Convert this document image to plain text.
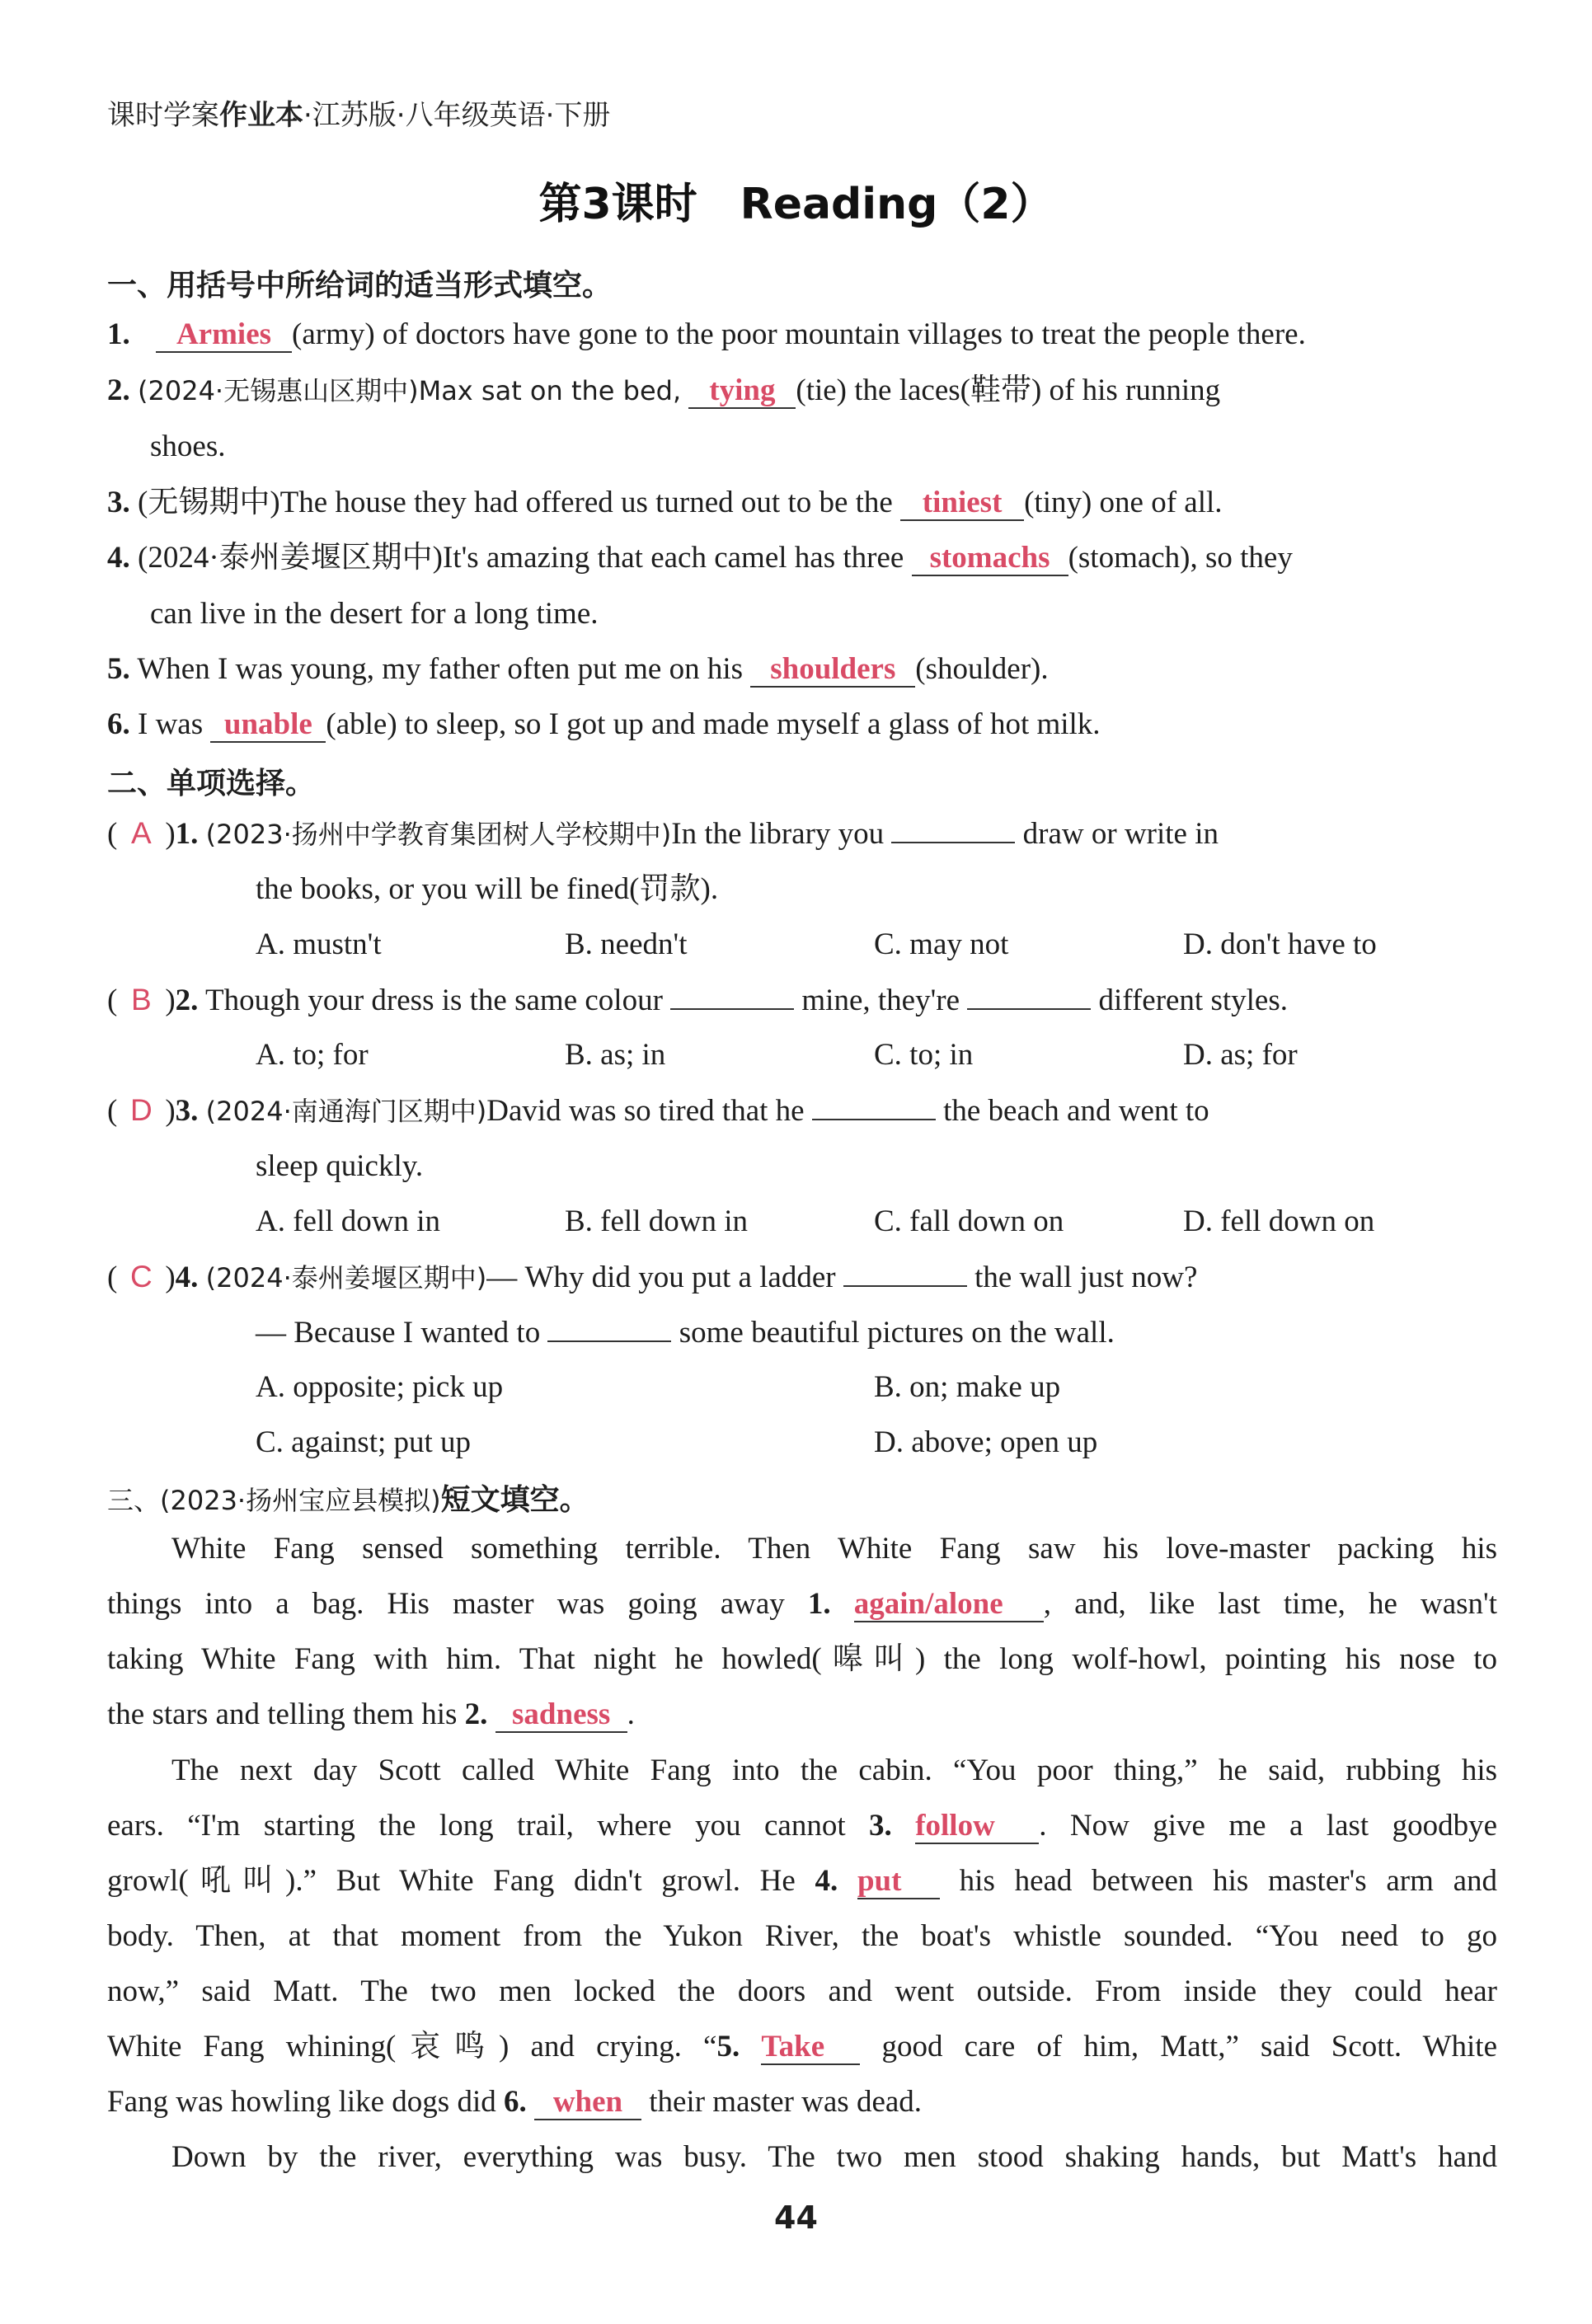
课时学案作业本·江苏版·八年级英语·下册
第3课时　Reading（2）
一、用括号中所给词的适当形式填空。
1. Armies (army) of doctors have gone to the poor mountain villages to treat the people there.
2. (2024·无锡惠山区期中)Max sat on the bed, tying (tie) the laces(鞋带) of his running
shoes.
3. (无锡期中)The house they had offered us turned out to be the tiniest (tiny) one of all.
4. (2024·泰州姜堰区期中)It's amazing that each camel has three stomachs (stomach), so they
can live in the desert for a long time.
5. When I was young, my father often put me on his shoulders (shoulder).
6. I was unable (able) to sleep, so I got up and made myself a glass of hot milk.
二、单项选择。
( A )1. (2023·扬州中学教育集团树人学校期中)In the library you	draw or write in
the books, or you will be fined(罚款).
A. mustn't	B. needn't	C. may not	D. don't have to
( B )2. Though your dress is the same colour	mine, they're	different styles.
A. to; for	B. as; in	C. to; in	D. as; for
( D )3. (2024·南通海门区期中)David was so tired that he	the beach and went to
sleep quickly.
A. fell down in	B. fell down in	C. fall down on	D. fell down on
( C )4. (2024·泰州姜堰区期中)— Why did you put a ladder	the wall just now?
— Because I wanted to	some beautiful pictures on the wall.
A. opposite; pick up	B. on; make up
C. against; put up	D. above; open up
三、(2023·扬州宝应县模拟)短文填空。
White Fang sensed something terrible. Then White Fang saw his love-master packing his
things into a bag. His master was going away 1. again/alone , and, like last time, he wasn't
taking White Fang with him. That night he howled(嗥叫) the long wolf-howl, pointing his nose to
the stars and telling them his 2. sadness .
The next day Scott called White Fang into the cabin. “You poor thing,” he said, rubbing his
ears. “I'm starting the long trail, where you cannot 3. follow . Now give me a last goodbye
growl(吼叫).” But White Fang didn't growl. He 4. put his head between his master's arm and
body. Then, at that moment from the Yukon River, the boat's whistle sounded. “You need to go
now,” said Matt. The two men locked the doors and went outside. From inside they could hear
White Fang whining(哀鸣) and crying. “5. Take good care of him, Matt,” said Scott. White
Fang was howling like dogs did 6. when their master was dead.
Down by the river, everything was busy. The two men stood shaking hands, but Matt's hand
44
